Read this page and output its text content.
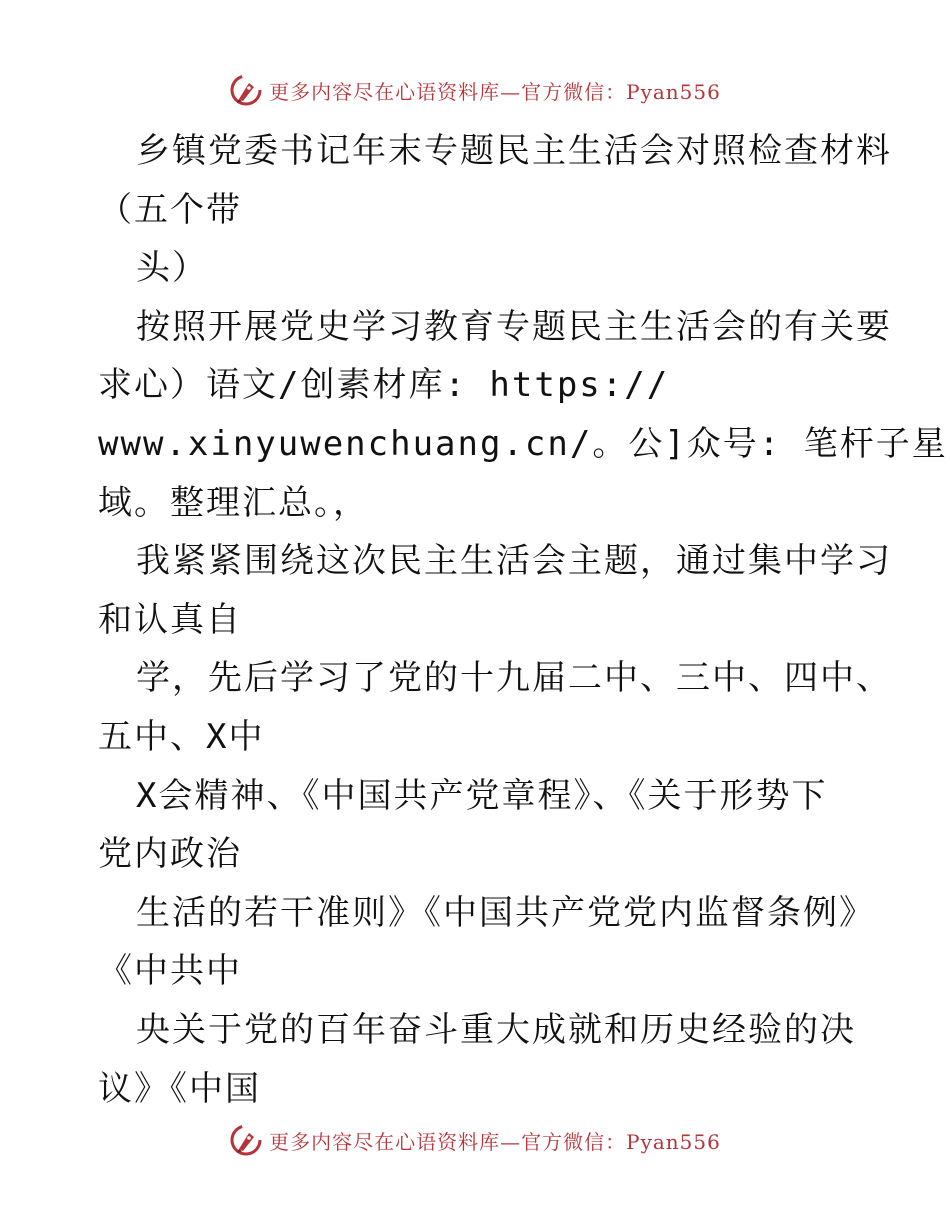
更多内容尽在心语资料库—官方微信：Pyan556
乡镇党委书记年末专题民主生活会对照检查材料
（五个带
头）
按照开展党史学习教育专题民主生活会的有关要
求心）语文/创素材库: https://
www.xinyuwenchuang.cn/。公]众号: 笔杆子星
域。整理汇总。，
我紧紧围绕这次民主生活会主题，通过集中学习
和认真自
学，先后学习了党的十九届二中、三中、四中、
五中、X中
X会精神、《中国共产党章程》、《关于形势下
党内政治
生活的若干准则》《中国共产党党内监督条例》
《中共中
央关于党的百年奋斗重大成就和历史经验的决
议》《中国
更多内容尽在心语资料库—官方微信：Pyan556
